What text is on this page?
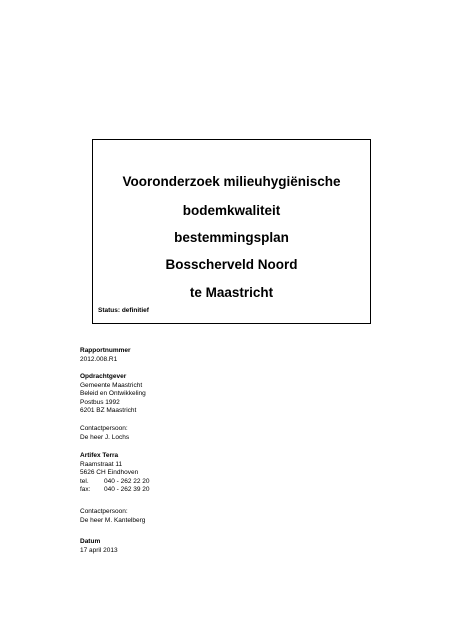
Vooronderzoek milieuhygiënische
bodemkwaliteit
bestemmingsplan
Bosscherveld Noord
te Maastricht
Status: definitief
Rapportnummer
2012.008.R1
Opdrachtgever
Gemeente Maastricht
Beleid en Ontwikkeling
Postbus 1992
6201 BZ Maastricht
Contactpersoon:
De heer J. Lochs
Artifex Terra
Raamstraat 11
5626 CH Eindhoven
tel. 040 - 262 22 20
fax: 040 - 262 39 20
Contactpersoon:
De heer M. Kantelberg
Datum
17 april 2013
